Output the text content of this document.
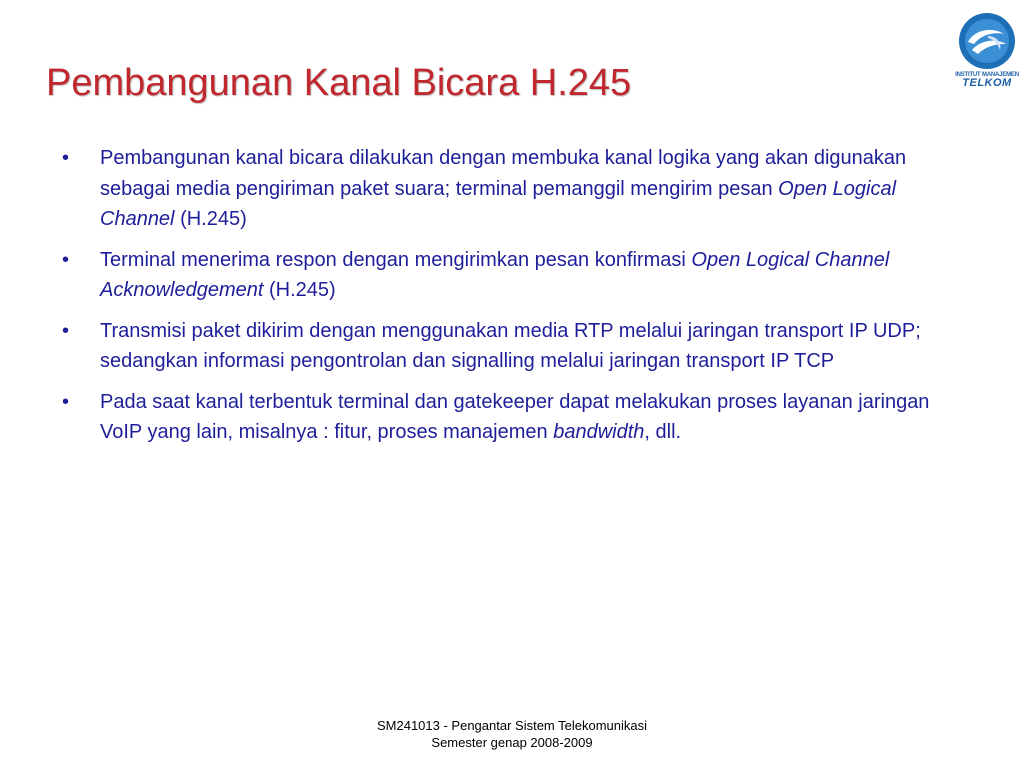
Pembangunan Kanal Bicara H.245	INSTITUT MANAJEMEN
TELKOM
• Pembangunan kanal bicara dilakukan dengan membuka kanal logika yang akan digunakan sebagai media pengiriman paket suara; terminal pemanggil mengirim pesan Open Logical Channel (H.245)
• Terminal menerima respon dengan mengirimkan pesan konfirmasi Open Logical Channel Acknowledgement (H.245)
• Transmisi paket dikirim dengan menggunakan media RTP melalui jaringan transport IP UDP; sedangkan informasi pengontrolan dan signalling melalui jaringan transport IP TCP
• Pada saat kanal terbentuk terminal dan gatekeeper dapat melakukan proses layanan jaringan VoIP yang lain, misalnya : fitur, proses manajemen bandwidth, dll.
SM241013 - Pengantar Sistem Telekomunikasi
Semester genap 2008-2009
